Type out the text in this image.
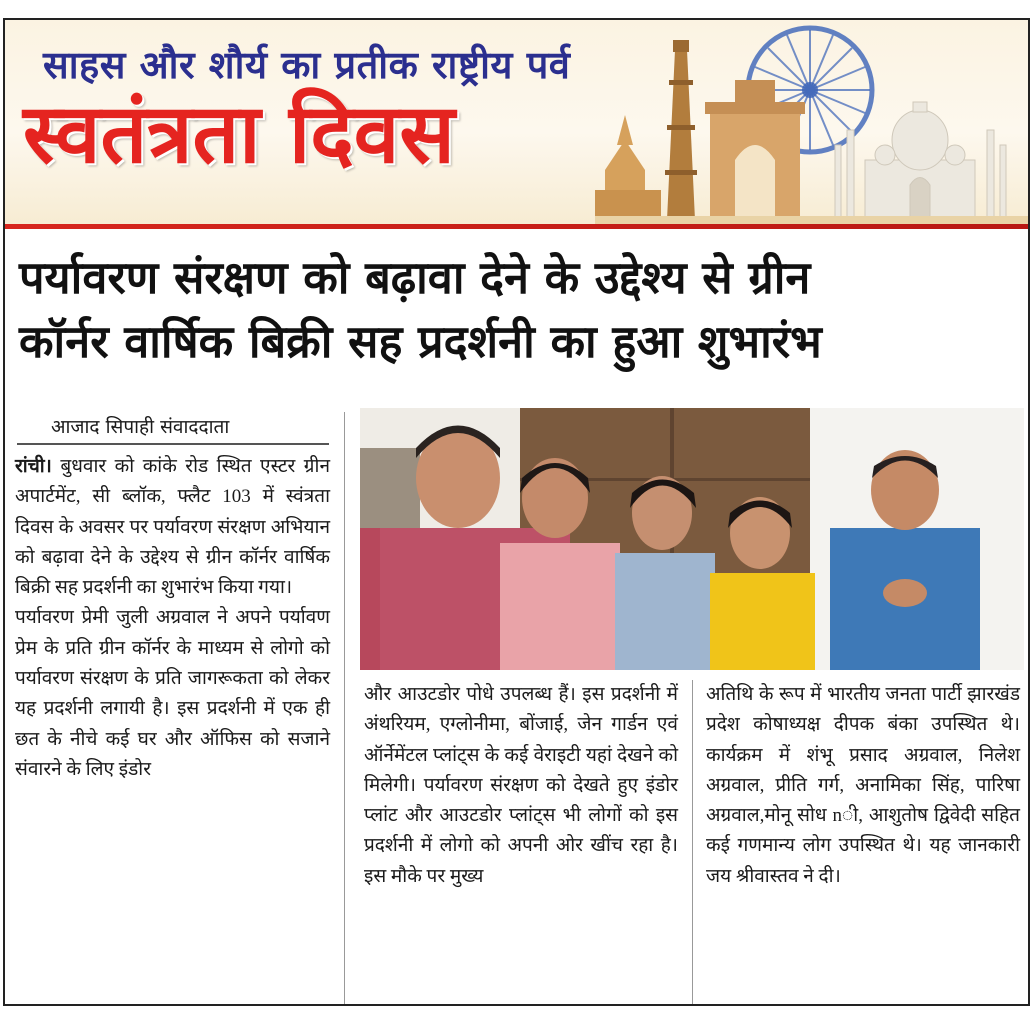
साहस और शौर्य का प्रतीक राष्ट्रीय पर्व
स्वतंत्रता दिवस
पर्यावरण संरक्षण को बढ़ावा देने के उद्देश्य से ग्रीन
कॉर्नर वार्षिक बिक्री सह प्रदर्शनी का हुआ शुभारंभ
आजाद सिपाही संवाददाता

रांची। बुधवार को कांके रोड स्थित एस्टर ग्रीन अपार्टमेंट, सी ब्लॉक, फ्लैट 103 में स्वंत्रता दिवस के अवसर पर पर्यावरण संरक्षण अभियान को बढ़ावा देने के उद्देश्य से ग्रीन कॉर्नर वार्षिक बिक्री सह प्रदर्शनी का शुभारंभ किया गया।

पर्यावरण प्रेमी जुली अग्रवाल ने अपने पर्यावण प्रेम के प्रति ग्रीन कॉर्नर के माध्यम से लोगो को पर्यावरण संरक्षण के प्रति जागरूकता को लेकर यह प्रदर्शनी लगायी है। इस प्रदर्शनी में एक ही छत के नीचे कई घर और ऑफिस को सजाने संवारने के लिए इंडोर

और आउटडोर पोधे उपलब्ध हैं। इस प्रदर्शनी में अंथरियम, एग्लोनीमा, बोंजाई, जेन गार्डन एवं ऑर्नेमेंटल प्लांट्स के कई वेराइटी यहां देखने को मिलेगी। पर्यावरण संरक्षण को देखते हुए इंडोर प्लांट और आउटडोर प्लांट्स भी लोगों को इस प्रदर्शनी में लोगो को अपनी ओर खींच रहा है। इस मौके पर मुख्य
अतिथि के रूप में भारतीय जनता पार्टी झारखंड प्रदेश कोषाध्यक्ष दीपक बंका उपस्थित थे। कार्यक्रम में शंभू प्रसाद अग्रवाल, निलेश अग्रवाल, प्रीति गर्ग, अनामिका सिंह, पारिषा अग्रवाल,मोनू सोध nी, आशुतोष द्विवेदी सहित कई गणमान्य लोग उपस्थित थे। यह जानकारी जय श्रीवास्तव ने दी।
